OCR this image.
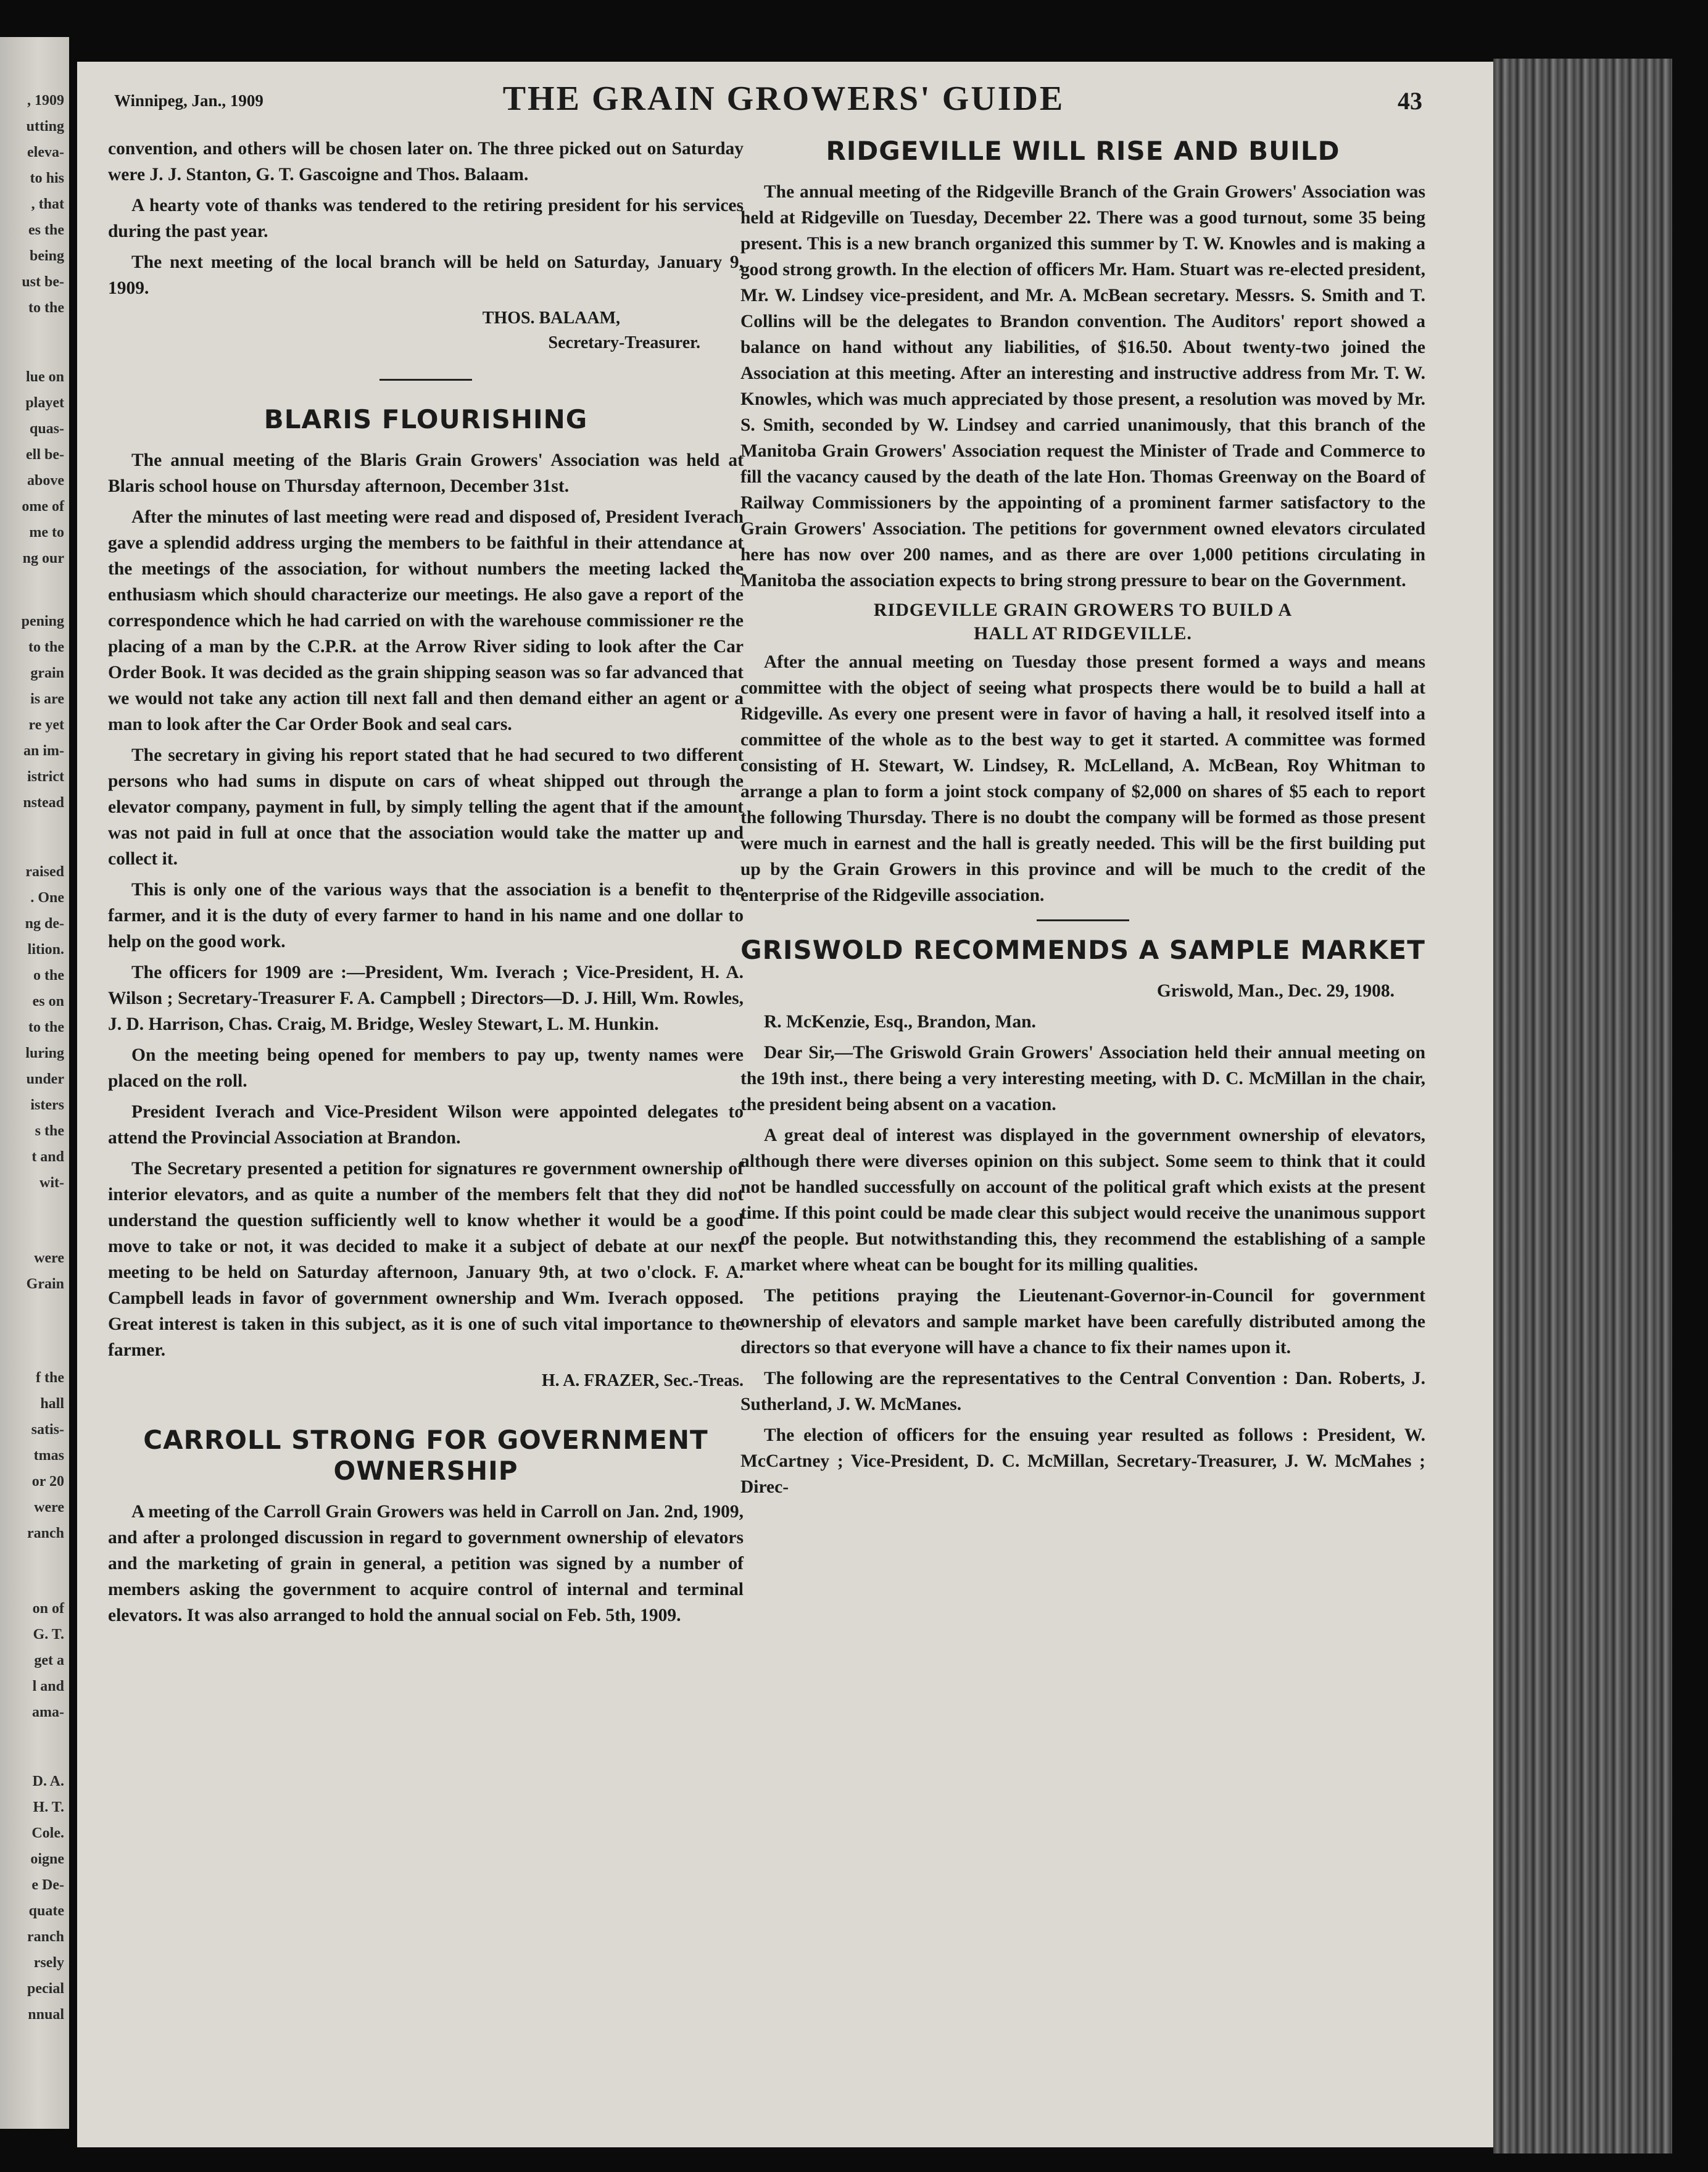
, 1909
utting
eleva-
to his
, that
es the
being
ust be-
to the
lue on
playet
quas-
ell be-
above
ome of
me to
ng our
pening
to the
grain
is are
re yet
an im-
istrict
nstead
raised
. One
ng de-
lition.
o the
es on
to the
luring
under
isters
s the
t and
wit-
were
Grain
f the
hall
satis-
tmas
or 20
were
ranch
on of
G. T.
get a
l and
ama-
D. A.
H. T.
Cole.
oigne
e De-
quate
ranch
rsely
pecial
nnual
Winnipeg, Jan., 1909	THE GRAIN GROWERS' GUIDE	43

convention, and others will be chosen later on. The three picked out on Saturday were J. J. Stanton, G. T. Gascoigne and Thos. Balaam.

A hearty vote of thanks was tendered to the retiring president for his services during the past year.

The next meeting of the local branch will be held on Saturday, January 9, 1909.

THOS. BALAAM,
Secretary-Treasurer.
BLARIS FLOURISHING

The annual meeting of the Blaris Grain Growers' Association was held at Blaris school house on Thursday afternoon, December 31st.

After the minutes of last meeting were read and disposed of, President Iverach gave a splendid address urging the members to be faithful in their attendance at the meetings of the association, for without numbers the meeting lacked the enthusiasm which should characterize our meetings. He also gave a report of the correspondence which he had carried on with the warehouse commissioner re the placing of a man by the C.P.R. at the Arrow River siding to look after the Car Order Book. It was decided as the grain shipping season was so far advanced that we would not take any action till next fall and then demand either an agent or a man to look after the Car Order Book and seal cars.

The secretary in giving his report stated that he had secured to two different persons who had sums in dispute on cars of wheat shipped out through the elevator company, payment in full, by simply telling the agent that if the amount was not paid in full at once that the association would take the matter up and collect it.

This is only one of the various ways that the association is a benefit to the farmer, and it is the duty of every farmer to hand in his name and one dollar to help on the good work.

The officers for 1909 are :—President, Wm. Iverach ; Vice-President, H. A. Wilson ; Secretary-Treasurer F. A. Campbell ; Directors—D. J. Hill, Wm. Rowles, J. D. Harrison, Chas. Craig, M. Bridge, Wesley Stewart, L. M. Hunkin.

On the meeting being opened for members to pay up, twenty names were placed on the roll.

President Iverach and Vice-President Wilson were appointed delegates to attend the Provincial Association at Brandon.

The Secretary presented a petition for signatures re government ownership of interior elevators, and as quite a number of the members felt that they did not understand the question sufficiently well to know whether it would be a good move to take or not, it was decided to make it a subject of debate at our next meeting to be held on Saturday afternoon, January 9th, at two o'clock. F. A. Campbell leads in favor of government ownership and Wm. Iverach opposed. Great interest is taken in this subject, as it is one of such vital importance to the farmer.

H. A. FRAZER, Sec.-Treas.

CARROLL STRONG FOR GOVERNMENT OWNERSHIP

A meeting of the Carroll Grain Growers was held in Carroll on Jan. 2nd, 1909, and after a prolonged discussion in regard to government ownership of elevators and the marketing of grain in general, a petition was signed by a number of members asking the government to acquire control of internal and terminal elevators. It was also arranged to hold the annual social on Feb. 5th, 1909.

RIDGEVILLE WILL RISE AND BUILD

The annual meeting of the Ridgeville Branch of the Grain Growers' Association was held at Ridgeville on Tuesday, December 22. There was a good turnout, some 35 being present. This is a new branch organized this summer by T. W. Knowles and is making a good strong growth. In the election of officers Mr. Ham. Stuart was re-elected president, Mr. W. Lindsey vice-president, and Mr. A. McBean secretary. Messrs. S. Smith and T. Collins will be the delegates to Brandon convention. The Auditors' report showed a balance on hand without any liabilities, of $16.50. About twenty-two joined the Association at this meeting. After an interesting and instructive address from Mr. T. W. Knowles, which was much appreciated by those present, a resolution was moved by Mr. S. Smith, seconded by W. Lindsey and carried unanimously, that this branch of the Manitoba Grain Growers' Association request the Minister of Trade and Commerce to fill the vacancy caused by the death of the late Hon. Thomas Greenway on the Board of Railway Commissioners by the appointing of a prominent farmer satisfactory to the Grain Growers' Association. The petitions for government owned elevators circulated here has now over 200 names, and as there are over 1,000 petitions circulating in Manitoba the association expects to bring strong pressure to bear on the Government.

RIDGEVILLE GRAIN GROWERS TO BUILD A
HALL AT RIDGEVILLE.

After the annual meeting on Tuesday those present formed a ways and means committee with the object of seeing what prospects there would be to build a hall at Ridgeville. As every one present were in favor of having a hall, it resolved itself into a committee of the whole as to the best way to get it started. A committee was formed consisting of H. Stewart, W. Lindsey, R. McLelland, A. McBean, Roy Whitman to arrange a plan to form a joint stock company of $2,000 on shares of $5 each to report the following Thursday. There is no doubt the company will be formed as those present were much in earnest and the hall is greatly needed. This will be the first building put up by the Grain Growers in this province and will be much to the credit of the enterprise of the Ridgeville association.

GRISWOLD RECOMMENDS A SAMPLE MARKET

Griswold, Man., Dec. 29, 1908.

R. McKenzie, Esq., Brandon, Man.

Dear Sir,—The Griswold Grain Growers' Association held their annual meeting on the 19th inst., there being a very interesting meeting, with D. C. McMillan in the chair, the president being absent on a vacation.

A great deal of interest was displayed in the government ownership of elevators, although there were diverses opinion on this subject. Some seem to think that it could not be handled successfully on account of the political graft which exists at the present time. If this point could be made clear this subject would receive the unanimous support of the people. But notwithstanding this, they recommend the establishing of a sample market where wheat can be bought for its milling qualities.

The petitions praying the Lieutenant-Governor-in-Council for government ownership of elevators and sample market have been carefully distributed among the directors so that everyone will have a chance to fix their names upon it.

The following are the representatives to the Central Convention : Dan. Roberts, J. Sutherland, J. W. McManes.

The election of officers for the ensuing year resulted as follows : President, W. McCartney ; Vice-President, D. C. McMillan, Secretary-Treasurer, J. W. McMahes ; Direc-
